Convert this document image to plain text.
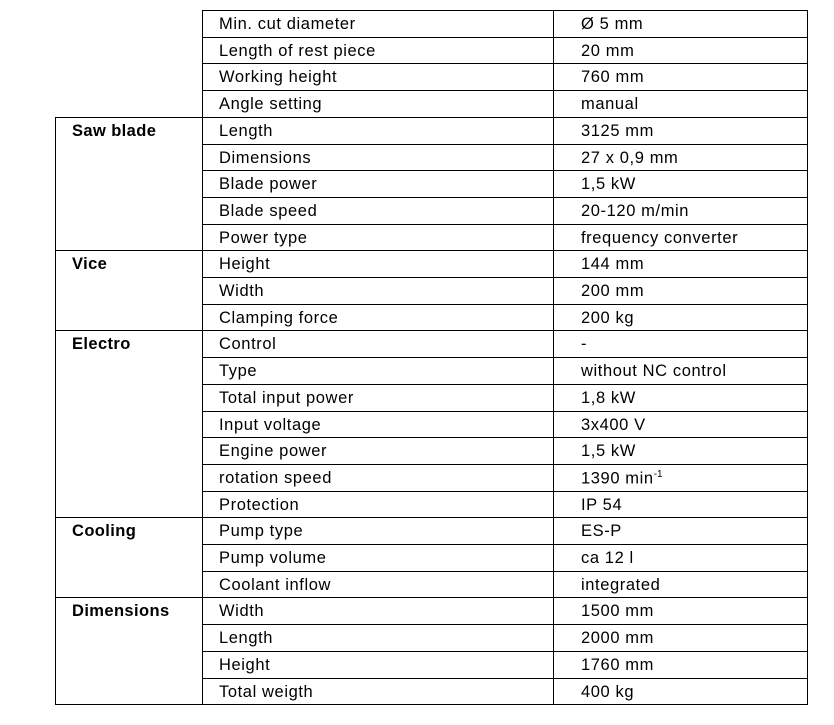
Min. cut diameter	Ø 5 mm
Length of rest piece	20 mm
Working height	760 mm
Angle setting	manual
Saw blade	Length	3125 mm
Dimensions	27 x 0,9 mm
Blade power	1,5 kW
Blade speed	20-120 m/min
Power type	frequency converter
Vice	Height	144 mm
Width	200 mm
Clamping force	200 kg
Electro	Control	-
Type	without NC control
Total input power	1,8 kW
Input voltage	3x400 V
Engine power	1,5 kW
rotation speed	1390 $\min^{-1}$
Protection	IP 54
Cooling	Pump type	ES-P
Pump volume	ca 12 l
Coolant inflow	integrated
Dimensions	Width	1500 mm
Length	2000 mm
Height	1760 mm
Total weigth	400 kg
